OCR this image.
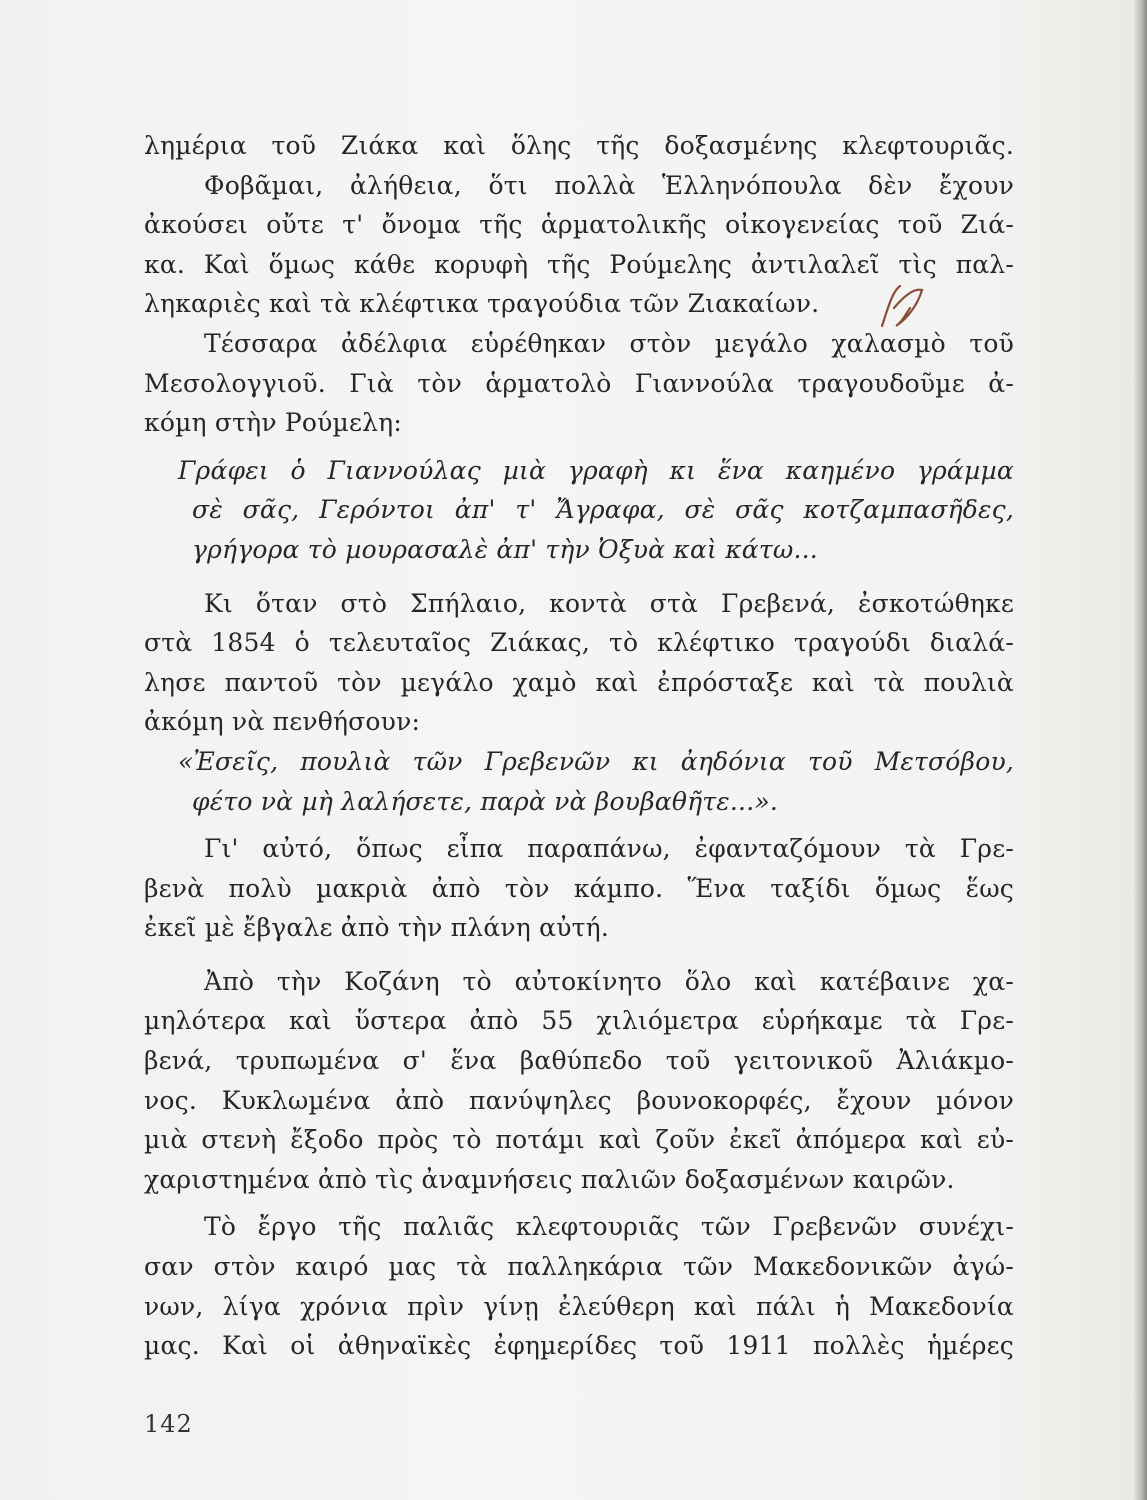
ληµέρια τοῦ Ζιάκα καὶ ὅλης τῆς δοξασµένης κλεφτουριᾶς.
Φοβᾶµαι, ἀλήθεια, ὅτι πολλὰ Ἑλληνόπουλα δὲν ἔχουν
ἀκούσει οὔτε τ' ὄνοµα τῆς ἁρµατολικῆς οἰκογενείας τοῦ Ζιά-
κα. Καὶ ὅµως κάθε κορυφὴ τῆς Ρούµελης ἀντιλαλεῖ τὶς παλ-
ληκαριὲς καὶ τὰ κλέφτικα τραγούδια τῶν Ζιακαίων.
Τέσσαρα ἀδέλφια εὑρέθηκαν στὸν µεγάλο χαλασµὸ τοῦ
Μεσολογγιοῦ. Γιὰ τὸν ἁρµατολὸ Γιαννούλα τραγουδοῦµε ἀ-
κόµη στὴν Ρούµελη:
Γράφει ὁ Γιαννούλας µιὰ γραφὴ κι ἕνα καηµένο γράµµα
σὲ σᾶς, Γερόντοι ἀπ' τ' Ἄγραφα, σὲ σᾶς κοτζαµπασῆδες,
γρήγορα τὸ µουρασαλὲ ἀπ' τὴν Ὀξυὰ καὶ κάτω...
Κι ὅταν στὸ Σπήλαιο, κοντὰ στὰ Γρεβενά, ἐσκοτώθηκε
στὰ 1854 ὁ τελευταῖος Ζιάκας, τὸ κλέφτικο τραγούδι διαλά-
λησε παντοῦ τὸν µεγάλο χαµὸ καὶ ἐπρόσταξε καὶ τὰ πουλιὰ
ἀκόµη νὰ πενθήσουν:
«Ἐσεῖς, πουλιὰ τῶν Γρεβενῶν κι ἀηδόνια τοῦ Μετσόβου,
φέτο νὰ µὴ λαλήσετε, παρὰ νὰ βουβαθῆτε...».
Γι' αὐτό, ὅπως εἶπα παραπάνω, ἐφανταζόµουν τὰ Γρε-
βενὰ πολὺ µακριὰ ἀπὸ τὸν κάµπο. Ἕνα ταξίδι ὅµως ἕως
ἐκεῖ µὲ ἔβγαλε ἀπὸ τὴν πλάνη αὐτή.
Ἀπὸ τὴν Κοζάνη τὸ αὐτοκίνητο ὅλο καὶ κατέβαινε χα-
µηλότερα καὶ ὕστερα ἀπὸ 55 χιλιόµετρα εὑρήκαµε τὰ Γρε-
βενά, τρυπωµένα σ' ἕνα βαθύπεδο τοῦ γειτονικοῦ Ἀλιάκµο-
νος. Κυκλωµένα ἀπὸ πανύψηλες βουνοκορφές, ἔχουν µόνον
µιὰ στενὴ ἔξοδο πρὸς τὸ ποτάµι καὶ ζοῦν ἐκεῖ ἀπόµερα καὶ εὐ-
χαριστηµένα ἀπὸ τὶς ἀναµνήσεις παλιῶν δοξασµένων καιρῶν.
Τὸ ἔργο τῆς παλιᾶς κλεφτουριᾶς τῶν Γρεβενῶν συνέχι-
σαν στὸν καιρό µας τὰ παλληκάρια τῶν Μακεδονικῶν ἀγώ-
νων, λίγα χρόνια πρὶν γίνῃ ἐλεύθερη καὶ πάλι ἡ Μακεδονία
µας. Καὶ οἱ ἀθηναϊκὲς ἐφηµερίδες τοῦ 1911 πολλὲς ἡµέρες
142
